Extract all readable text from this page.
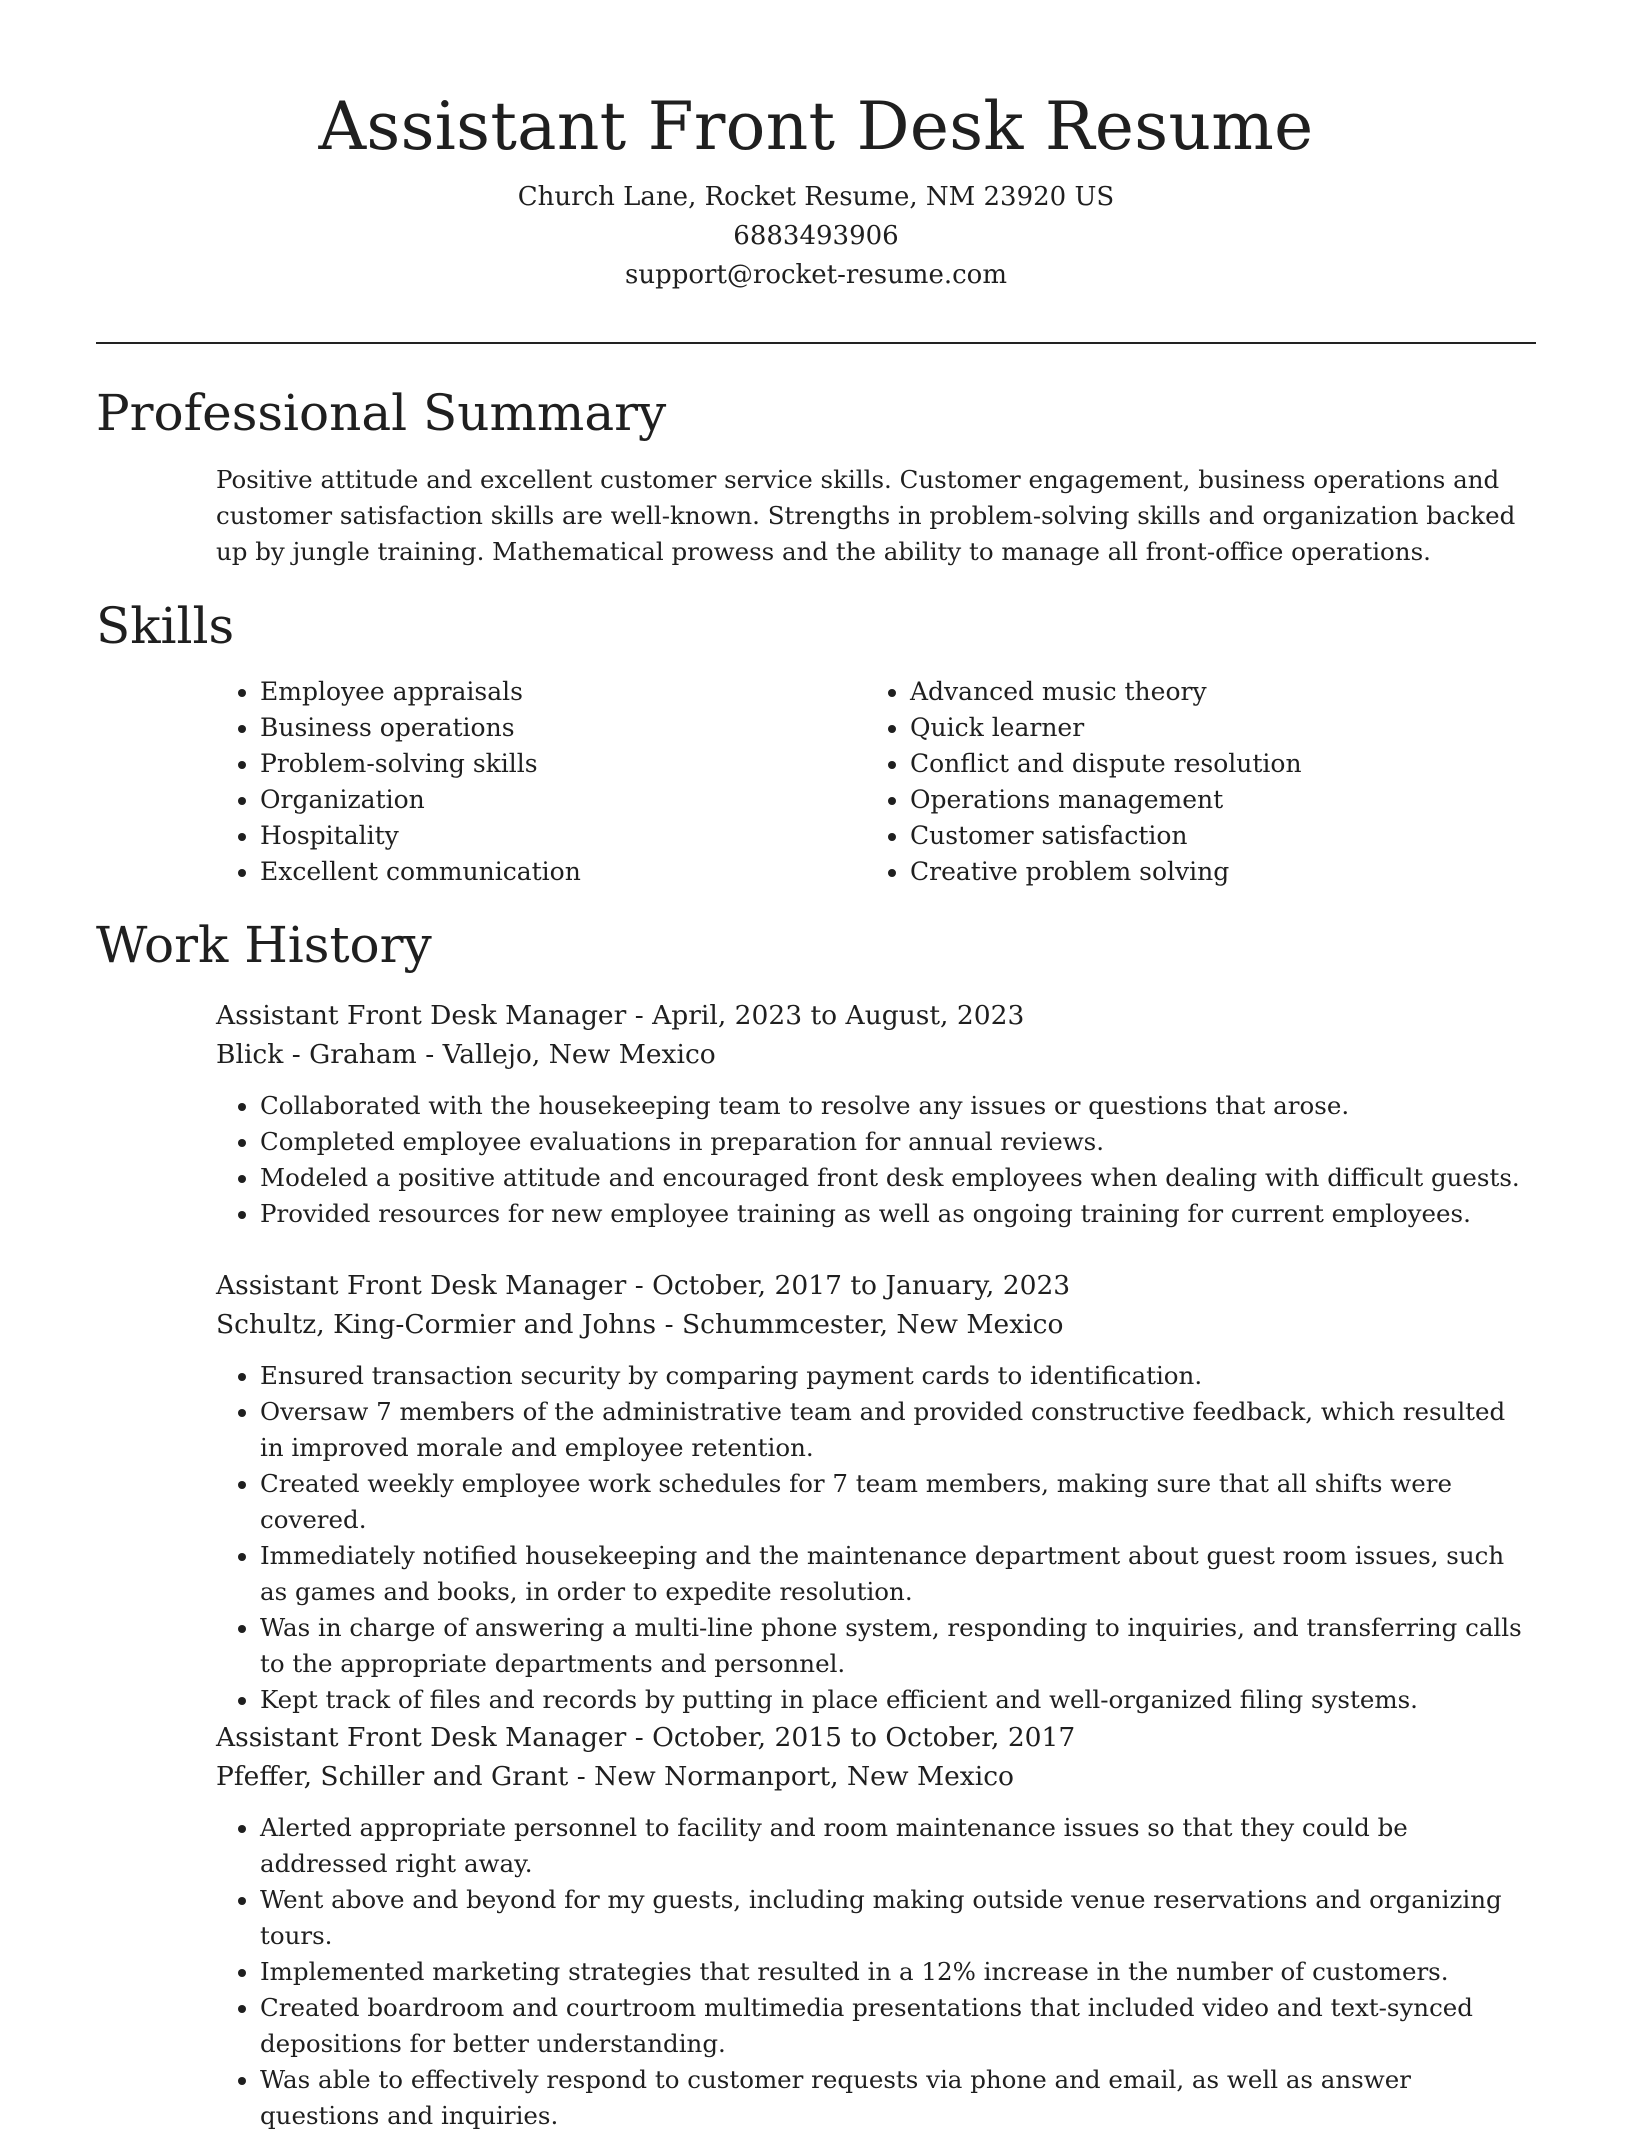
Assistant Front Desk Resume

Church Lane, Rocket Resume, NM 23920 US

6883493906

support@rocket-resume.com

Professional Summary

Positive attitude and excellent customer service skills. Customer engagement, business operations and customer satisfaction skills are well-known. Strengths in problem-solving skills and organization backed up by jungle training. Mathematical prowess and the ability to manage all front-office operations.

Skills
• Employee appraisals
• Business operations
• Problem-solving skills
• Organization
• Hospitality
• Excellent communication
• Advanced music theory
• Quick learner
• Conflict and dispute resolution
• Operations management
• Customer satisfaction
• Creative problem solving
Work History

Assistant Front Desk Manager - April, 2023 to August, 2023

Blick - Graham - Vallejo, New Mexico

• Collaborated with the housekeeping team to resolve any issues or questions that arose.
• Completed employee evaluations in preparation for annual reviews.
• Modeled a positive attitude and encouraged front desk employees when dealing with difficult guests.
• Provided resources for new employee training as well as ongoing training for current employees.

Assistant Front Desk Manager - October, 2017 to January, 2023

Schultz, King-Cormier and Johns - Schummcester, New Mexico

• Ensured transaction security by comparing payment cards to identification.
• Oversaw 7 members of the administrative team and provided constructive feedback, which resulted in improved morale and employee retention.
• Created weekly employee work schedules for 7 team members, making sure that all shifts were covered.
• Immediately notified housekeeping and the maintenance department about guest room issues, such as games and books, in order to expedite resolution.
• Was in charge of answering a multi-line phone system, responding to inquiries, and transferring calls to the appropriate departments and personnel.
• Kept track of files and records by putting in place efficient and well-organized filing systems.

Assistant Front Desk Manager - October, 2015 to October, 2017

Pfeffer, Schiller and Grant - New Normanport, New Mexico

• Alerted appropriate personnel to facility and room maintenance issues so that they could be addressed right away.
• Went above and beyond for my guests, including making outside venue reservations and organizing tours.
• Implemented marketing strategies that resulted in a 12% increase in the number of customers.
• Created boardroom and courtroom multimedia presentations that included video and text-synced depositions for better understanding.
• Was able to effectively respond to customer requests via phone and email, as well as answer questions and inquiries.
